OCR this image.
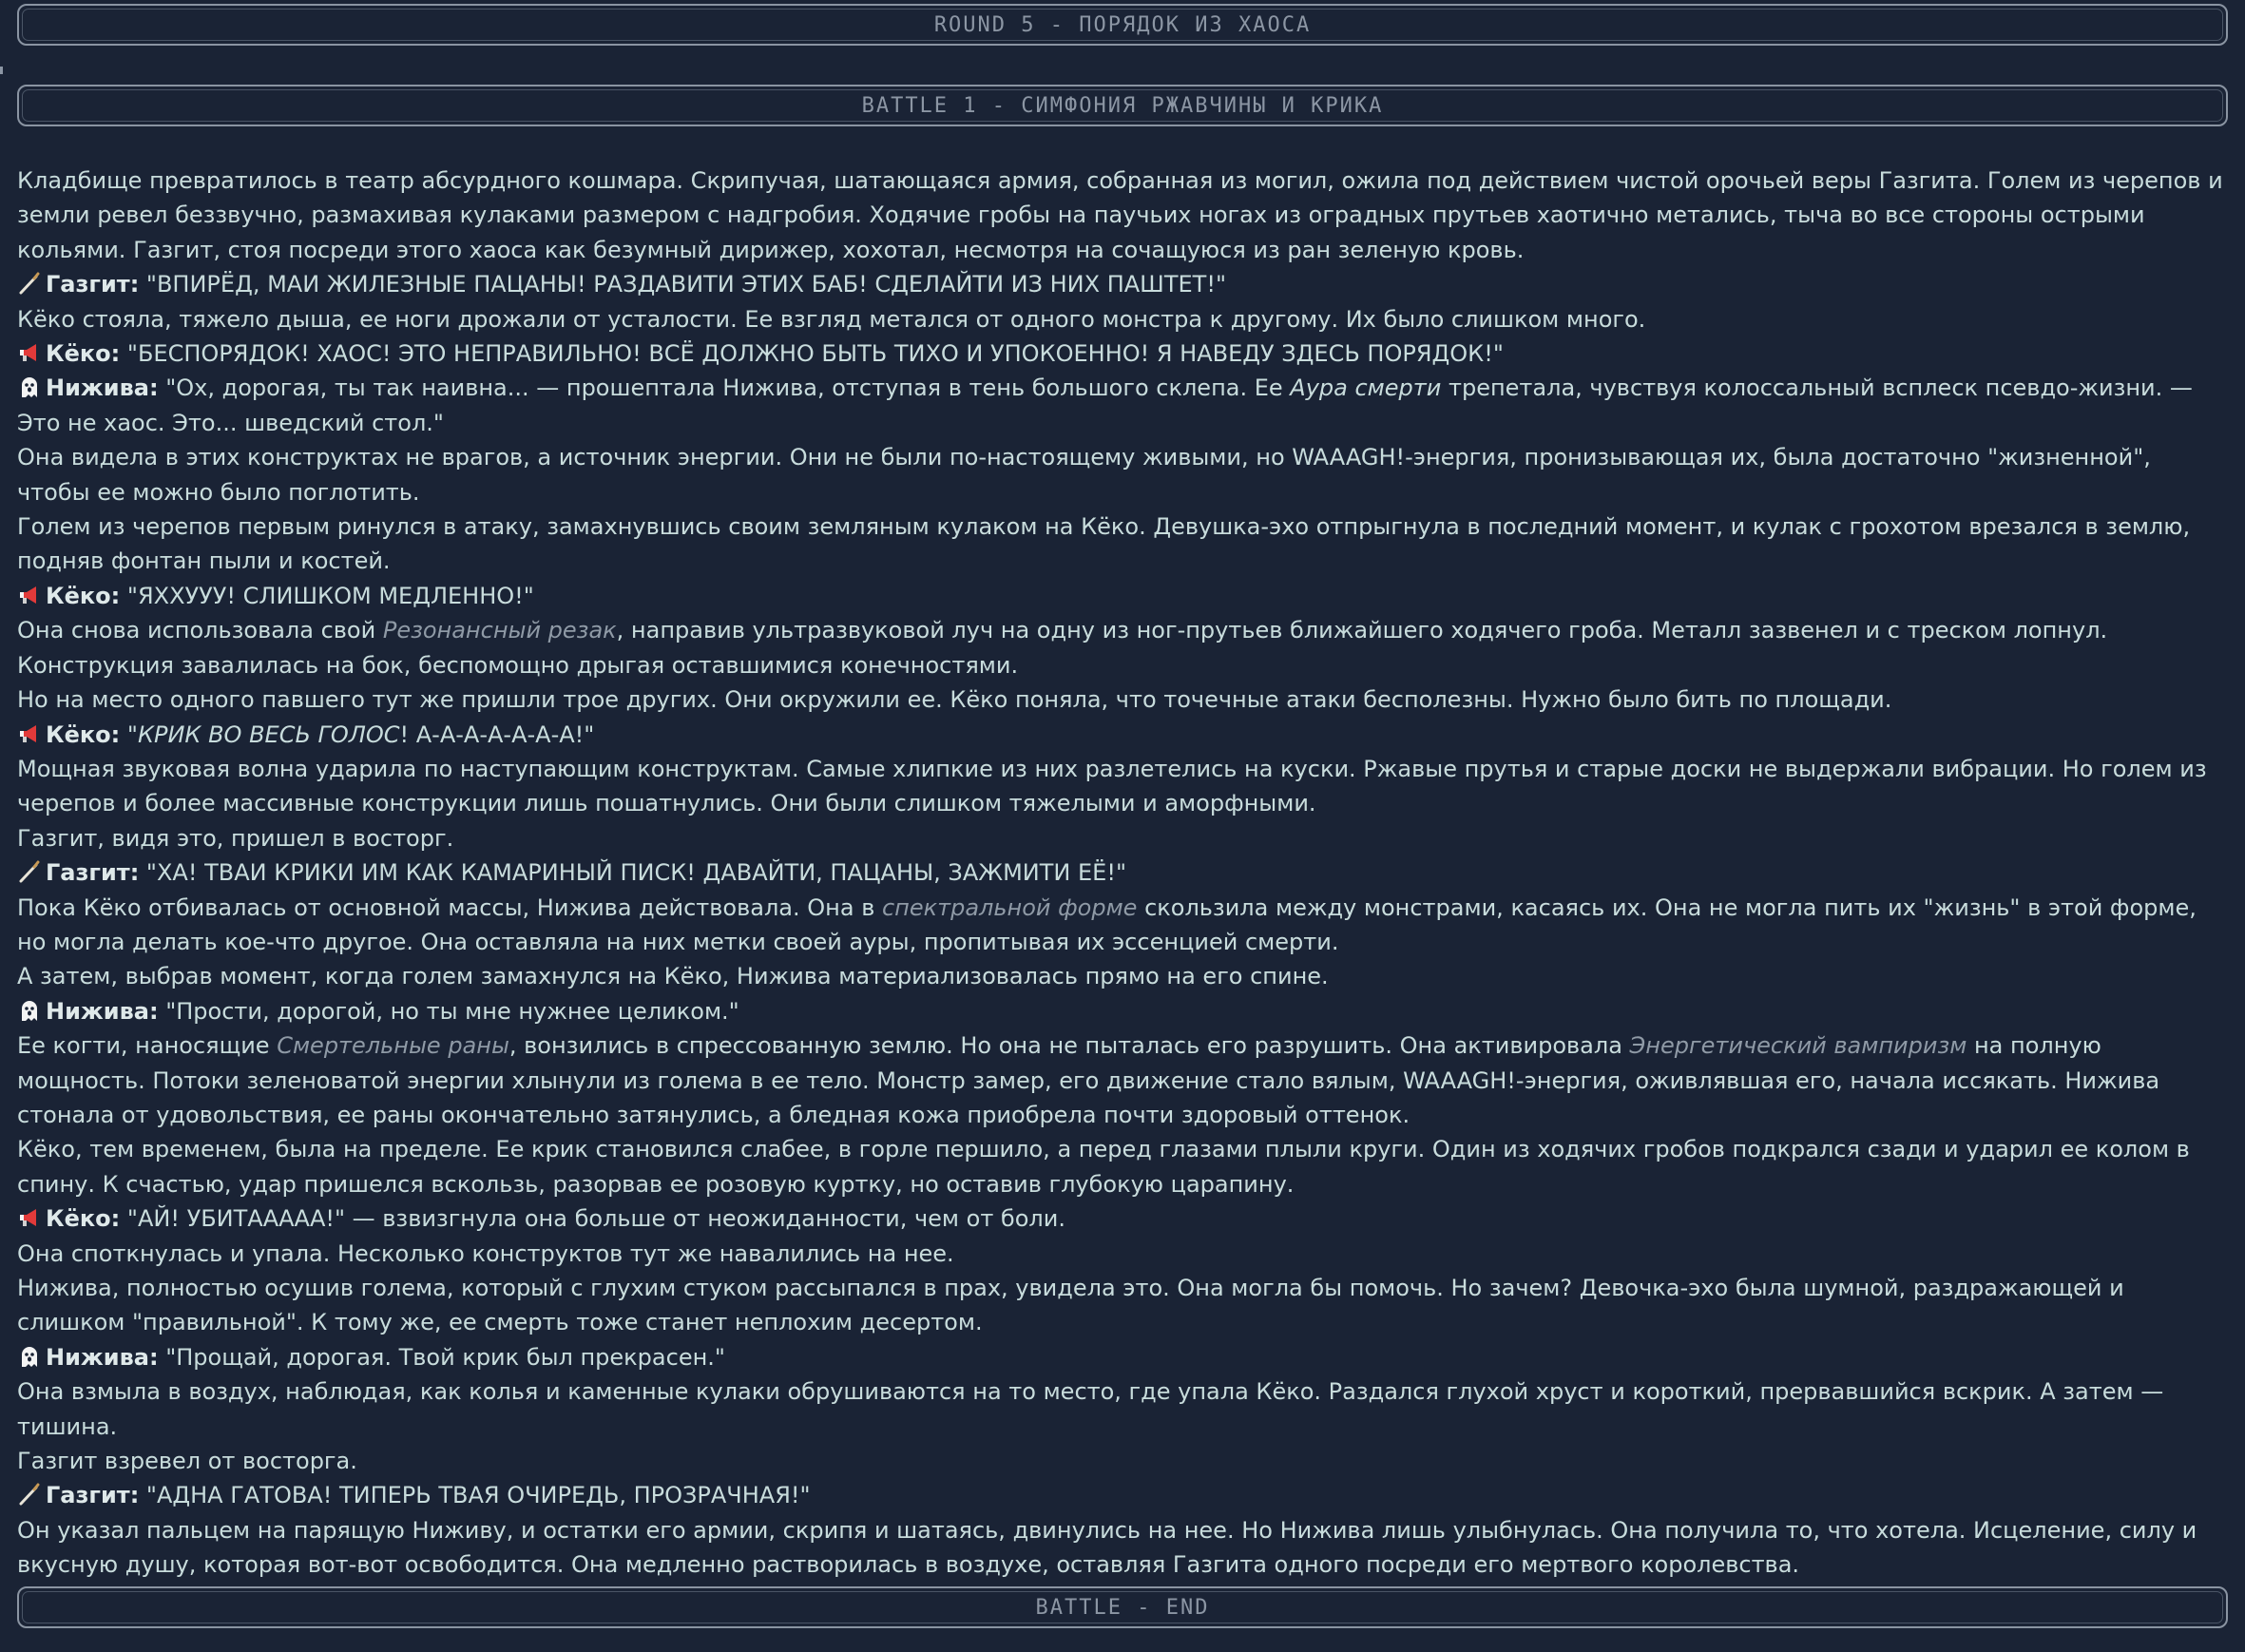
ROUND 5 - ПОРЯДОК ИЗ ХАОСА
BATTLE 1 - СИМФОНИЯ РЖАВЧИНЫ И КРИКА

Кладбище превратилось в театр абсурдного кошмара. Скрипучая, шатающаяся армия, собранная из могил, ожила под действием чистой орочьей веры Газгита. Голем из черепов и земли ревел беззвучно, размахивая кулаками размером с надгробия. Ходячие гробы на паучьих ногах из оградных прутьев хаотично метались, тыча во все стороны острыми кольями. Газгит, стоя посреди этого хаоса как безумный дирижер, хохотал, несмотря на сочащуюся из ран зеленую кровь.

Газгит: "ВПИРЁД, МАИ ЖИЛЕЗНЫЕ ПАЦАНЫ! РАЗДАВИТИ ЭТИХ БАБ! СДЕЛАЙТИ ИЗ НИХ ПАШТЕТ!"

Кёко стояла, тяжело дыша, ее ноги дрожали от усталости. Ее взгляд метался от одного монстра к другому. Их было слишком много.

Кёко: "БЕСПОРЯДОК! ХАОС! ЭТО НЕПРАВИЛЬНО! ВСЁ ДОЛЖНО БЫТЬ ТИХО И УПОКОЕННО! Я НАВЕДУ ЗДЕСЬ ПОРЯДОК!"

Нижива: "Ох, дорогая, ты так наивна... — прошептала Нижива, отступая в тень большого склепа. Ее Аура смерти трепетала, чувствуя колоссальный всплеск псевдо-жизни. — Это не хаос. Это... шведский стол."

Она видела в этих конструктах не врагов, а источник энергии. Они не были по-настоящему живыми, но WAAAGH!-энергия, пронизывающая их, была достаточно "жизненной", чтобы ее можно было поглотить.

Голем из черепов первым ринулся в атаку, замахнувшись своим земляным кулаком на Кёко. Девушка-эхо отпрыгнула в последний момент, и кулак с грохотом врезался в землю, подняв фонтан пыли и костей.

Кёко: "ЯХХУУУ! СЛИШКОМ МЕДЛЕННО!"

Она снова использовала свой Резонансный резак, направив ультразвуковой луч на одну из ног-прутьев ближайшего ходячего гроба. Металл зазвенел и с треском лопнул. Конструкция завалилась на бок, беспомощно дрыгая оставшимися конечностями.

Но на место одного павшего тут же пришли трое других. Они окружили ее. Кёко поняла, что точечные атаки бесполезны. Нужно было бить по площади.

Кёко: "КРИК ВО ВЕСЬ ГОЛОС! А-А-А-А-А-А-А!"

Мощная звуковая волна ударила по наступающим конструктам. Самые хлипкие из них разлетелись на куски. Ржавые прутья и старые доски не выдержали вибрации. Но голем из черепов и более массивные конструкции лишь пошатнулись. Они были слишком тяжелыми и аморфными.

Газгит, видя это, пришел в восторг.

Газгит: "ХА! ТВАИ КРИКИ ИМ КАК КАМАРИНЫЙ ПИСК! ДАВАЙТИ, ПАЦАНЫ, ЗАЖМИТИ ЕЁ!"

Пока Кёко отбивалась от основной массы, Нижива действовала. Она в спектральной форме скользила между монстрами, касаясь их. Она не могла пить их "жизнь" в этой форме, но могла делать кое-что другое. Она оставляла на них метки своей ауры, пропитывая их эссенцией смерти.

А затем, выбрав момент, когда голем замахнулся на Кёко, Нижива материализовалась прямо на его спине.

Нижива: "Прости, дорогой, но ты мне нужнее целиком."

Ее когти, наносящие Смертельные раны, вонзились в спрессованную землю. Но она не пыталась его разрушить. Она активировала Энергетический вампиризм на полную мощность. Потоки зеленоватой энергии хлынули из голема в ее тело. Монстр замер, его движение стало вялым, WAAAGH!-энергия, оживлявшая его, начала иссякать. Нижива стонала от удовольствия, ее раны окончательно затянулись, а бледная кожа приобрела почти здоровый оттенок.

Кёко, тем временем, была на пределе. Ее крик становился слабее, в горле першило, а перед глазами плыли круги. Один из ходячих гробов подкрался сзади и ударил ее колом в спину. К счастью, удар пришелся вскользь, разорвав ее розовую куртку, но оставив глубокую царапину.

Кёко: "АЙ! УБИТААААА!" — взвизгнула она больше от неожиданности, чем от боли.

Она споткнулась и упала. Несколько конструктов тут же навалились на нее.

Нижива, полностью осушив голема, который с глухим стуком рассыпался в прах, увидела это. Она могла бы помочь. Но зачем? Девочка-эхо была шумной, раздражающей и слишком "правильной". К тому же, ее смерть тоже станет неплохим десертом.

Нижива: "Прощай, дорогая. Твой крик был прекрасен."

Она взмыла в воздух, наблюдая, как колья и каменные кулаки обрушиваются на то место, где упала Кёко. Раздался глухой хруст и короткий, прервавшийся вскрик. А затем — тишина.

Газгит взревел от восторга.

Газгит: "АДНА ГАТОВА! ТИПЕРЬ ТВАЯ ОЧИРЕДЬ, ПРОЗРАЧНАЯ!"

Он указал пальцем на парящую Ниживу, и остатки его армии, скрипя и шатаясь, двинулись на нее. Но Нижива лишь улыбнулась. Она получила то, что хотела. Исцеление, силу и вкусную душу, которая вот-вот освободится. Она медленно растворилась в воздухе, оставляя Газгита одного посреди его мертвого королевства.

BATTLE - END
